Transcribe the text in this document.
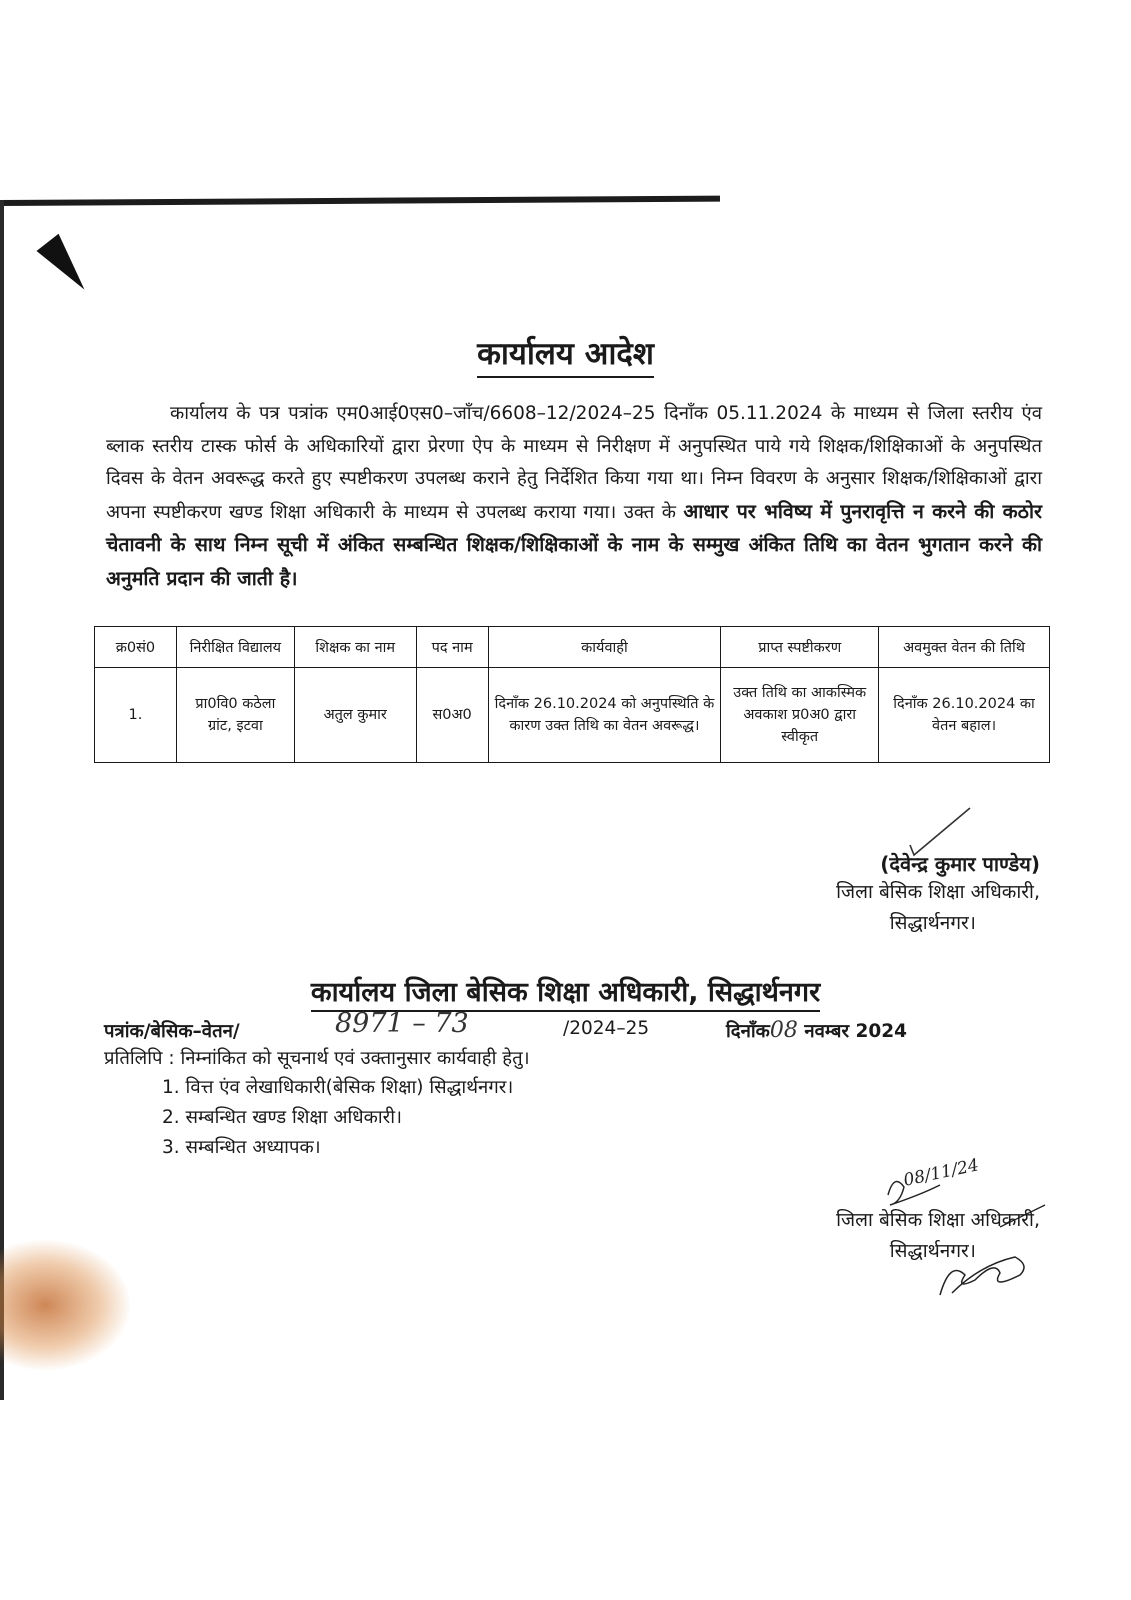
कार्यालय आदेश

कार्यालय के पत्र पत्रांक एम0आई0एस0–जाँच/6608–12/2024–25 दिनाँक 05.11.2024 के माध्यम से जिला स्तरीय एंव ब्लाक स्तरीय टास्क फोर्स के अधिकारियों द्वारा प्रेरणा ऐप के माध्यम से निरीक्षण में अनुपस्थित पाये गये शिक्षक/शिक्षिकाओं के अनुपस्थित दिवस के वेतन अवरूद्ध करते हुए स्पष्टीकरण उपलब्ध कराने हेतु निर्देशित किया गया था। निम्न विवरण के अनुसार शिक्षक/शिक्षिकाओं द्वारा अपना स्पष्टीकरण खण्ड शिक्षा अधिकारी के माध्यम से उपलब्ध कराया गया। उक्त के आधार पर भविष्य में पुनरावृत्ति न करने की कठोर चेतावनी के साथ निम्न सूची में अंकित सम्बन्धित शिक्षक/शिक्षिकाओं के नाम के सम्मुख अंकित तिथि का वेतन भुगतान करने की अनुमति प्रदान की जाती है।

क्र0सं0	निरीक्षित विद्यालय	शिक्षक का नाम	पद नाम	कार्यवाही	प्राप्त स्पष्टीकरण	अवमुक्त वेतन की तिथि
1.	प्रा0वि0 कठेला ग्रांट, इटवा	अतुल कुमार	स0अ0	दिनाँक 26.10.2024 को अनुपस्थिति के कारण उक्त तिथि का वेतन अवरूद्ध।	उक्त तिथि का आकस्मिक अवकाश प्र0अ0 द्वारा स्वीकृत	दिनाँक 26.10.2024 का वेतन बहाल।
(देवेन्द्र कुमार पाण्डेय)
जिला बेसिक शिक्षा अधिकारी,
सिद्धार्थनगर।
कार्यालय जिला बेसिक शिक्षा अधिकारी, सिद्धार्थनगर
पत्रांक/बेसिक–वेतन/	8971 – 73	/2024–25	दिनाँक08 नवम्बर 2024
प्रतिलिपि : निम्नांकित को सूचनार्थ एवं उक्तानुसार कार्यवाही हेतु।
1. वित्त एंव लेखाधिकारी(बेसिक शिक्षा) सिद्धार्थनगर।
2. सम्बन्धित खण्ड शिक्षा अधिकारी।
3. सम्बन्धित अध्यापक।
08/11/24
जिला बेसिक शिक्षा अधिकारी,
सिद्धार्थनगर।
